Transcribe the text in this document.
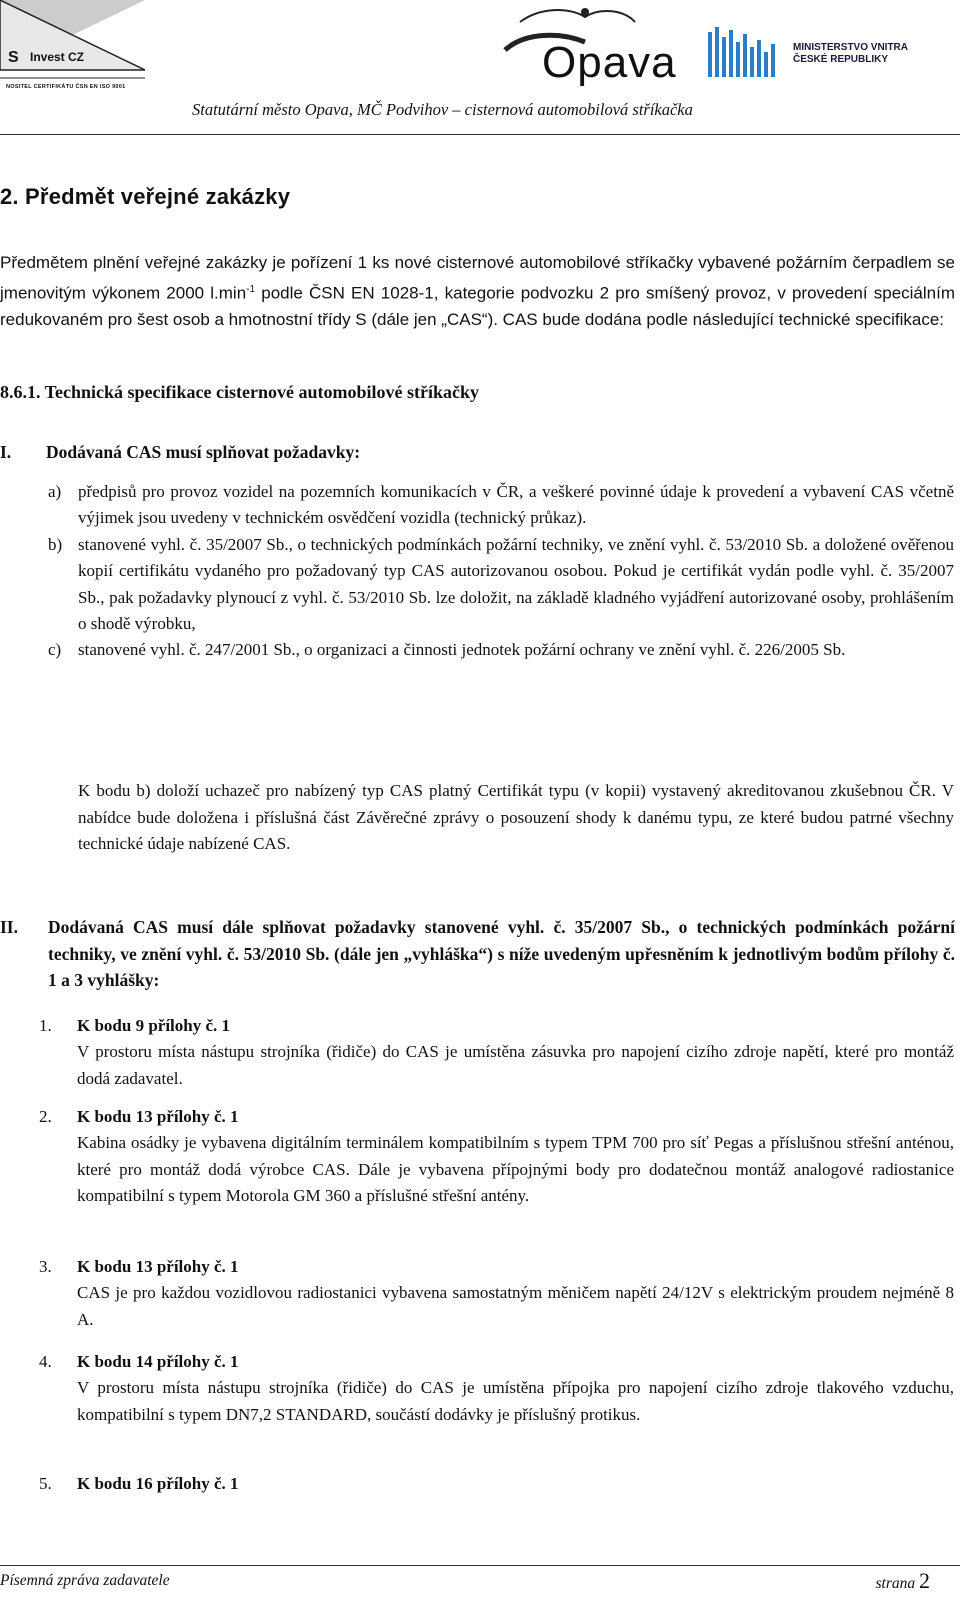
S Invest CZ
NOSITEL CERTIFIKÁTU ČSN EN ISO 9001	Opava	MINISTERSTVO VNITRA
ČESKÉ REPUBLIKY
Statutární město Opava, MČ Podvihov – cisternová automobilová stříkačka
2. Předmět veřejné zakázky
Předmětem plnění veřejné zakázky je pořízení 1 ks nové cisternové automobilové stříkačky vybavené požárním čerpadlem se jmenovitým výkonem 2000 $l.\min^{-1}$ podle ČSN EN 1028-1, kategorie podvozku 2 pro smíšený provoz, v provedení speciálním redukovaném pro šest osob a hmotnostní třídy S (dále jen „CAS“). CAS bude dodána podle následující technické specifikace:
8.6.1. Technická specifikace cisternové automobilové stříkačky
I. Dodávaná CAS musí splňovat požadavky:
a) předpisů pro provoz vozidel na pozemních komunikacích v ČR, a veškeré povinné údaje k provedení a vybavení CAS včetně výjimek jsou uvedeny v technickém osvědčení vozidla (technický průkaz).
b) stanovené vyhl. č. 35/2007 Sb., o technických podmínkách požární techniky, ve znění vyhl. č. 53/2010 Sb. a doložené ověřenou kopií certifikátu vydaného pro požadovaný typ CAS autorizovanou osobou. Pokud je certifikát vydán podle vyhl. č. 35/2007 Sb., pak požadavky plynoucí z vyhl. č. 53/2010 Sb. lze doložit, na základě kladného vyjádření autorizované osoby, prohlášením o shodě výrobku,
c) stanovené vyhl. č. 247/2001 Sb., o organizaci a činnosti jednotek požární ochrany ve znění vyhl. č. 226/2005 Sb.
K bodu b) doloží uchazeč pro nabízený typ CAS platný Certifikát typu (v kopii) vystavený akreditovanou zkušebnou ČR. V nabídce bude doložena i příslušná část Závěrečné zprávy o posouzení shody k danému typu, ze které budou patrné všechny technické údaje nabízené CAS.
II. Dodávaná CAS musí dále splňovat požadavky stanovené vyhl. č. 35/2007 Sb., o technických podmínkách požární techniky, ve znění vyhl. č. 53/2010 Sb. (dále jen „vyhláška“) s níže uvedeným upřesněním k jednotlivým bodům přílohy č. 1 a 3 vyhlášky:
1. K bodu 9 přílohy č. 1
V prostoru místa nástupu strojníka (řidiče) do CAS je umístěna zásuvka pro napojení cizího zdroje napětí, které pro montáž dodá zadavatel.
2. K bodu 13 přílohy č. 1
Kabina osádky je vybavena digitálním terminálem kompatibilním s typem TPM 700 pro síť Pegas a příslušnou střešní anténou, které pro montáž dodá výrobce CAS. Dále je vybavena přípojnými body pro dodatečnou montáž analogové radiostanice kompatibilní s typem Motorola GM 360 a příslušné střešní antény.
3. K bodu 13 přílohy č. 1
CAS je pro každou vozidlovou radiostanici vybavena samostatným měničem napětí 24/12V s elektrickým proudem nejméně 8 A.
4. K bodu 14 přílohy č. 1
V prostoru místa nástupu strojníka (řidiče) do CAS je umístěna přípojka pro napojení cizího zdroje tlakového vzduchu, kompatibilní s typem DN7,2 STANDARD, součástí dodávky je příslušný protikus.
5. K bodu 16 přílohy č. 1
Písemná zpráva zadavatele	strana 2
